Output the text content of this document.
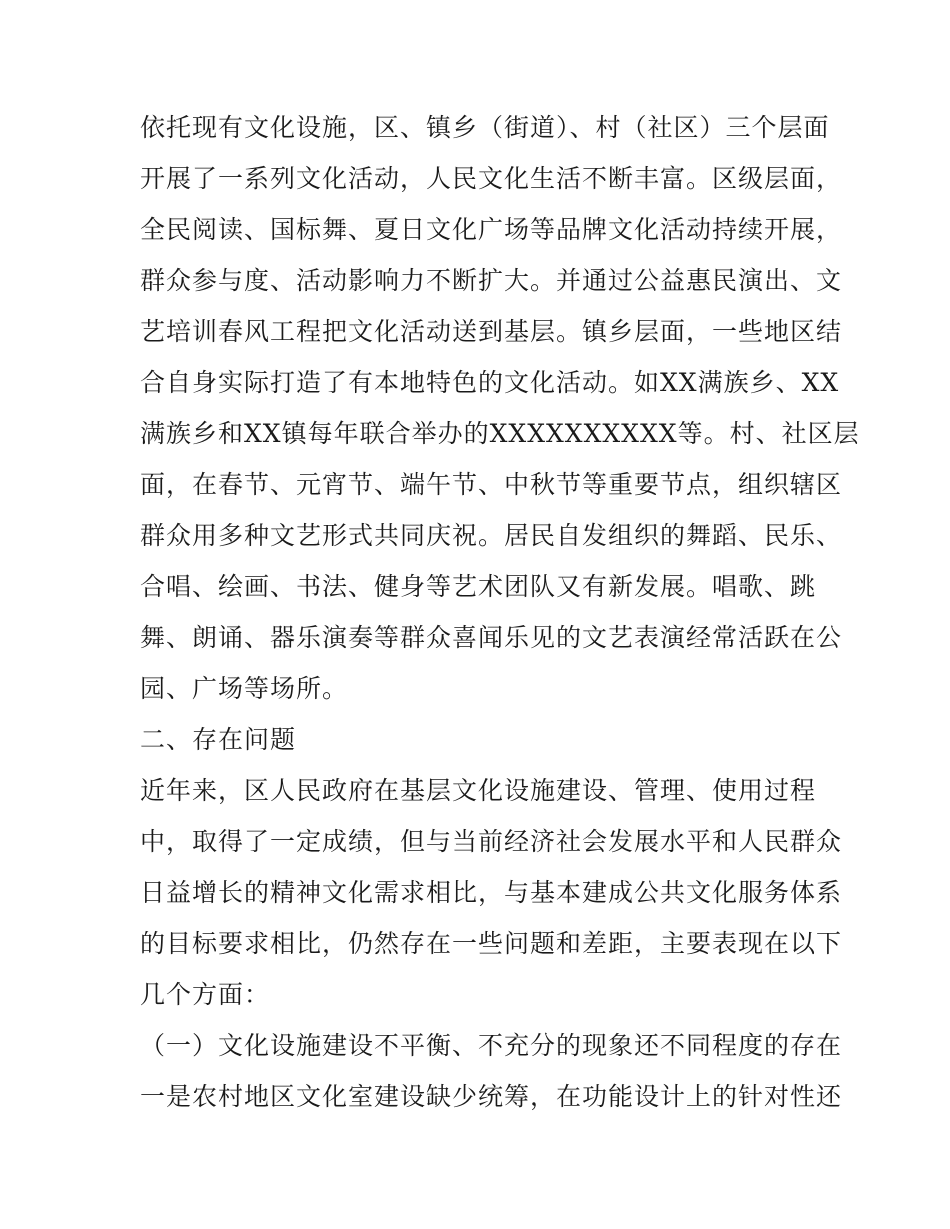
依托现有文化设施，区、镇乡（街道）、村（社区）三个层面
开展了一系列文化活动，人民文化生活不断丰富。区级层面，
全民阅读、国标舞、夏日文化广场等品牌文化活动持续开展，
群众参与度、活动影响力不断扩大。并通过公益惠民演出、文
艺培训春风工程把文化活动送到基层。镇乡层面，一些地区结
合自身实际打造了有本地特色的文化活动。如XX满族乡、XX
满族乡和XX镇每年联合举办的XXXXXXXXXX等。村、社区层
面，在春节、元宵节、端午节、中秋节等重要节点，组织辖区
群众用多种文艺形式共同庆祝。居民自发组织的舞蹈、民乐、
合唱、绘画、书法、健身等艺术团队又有新发展。唱歌、跳
舞、朗诵、器乐演奏等群众喜闻乐见的文艺表演经常活跃在公
园、广场等场所。
二、存在问题
近年来，区人民政府在基层文化设施建设、管理、使用过程
中，取得了一定成绩，但与当前经济社会发展水平和人民群众
日益增长的精神文化需求相比，与基本建成公共文化服务体系
的目标要求相比，仍然存在一些问题和差距，主要表现在以下
几个方面：
（一）文化设施建设不平衡、不充分的现象还不同程度的存在
一是农村地区文化室建设缺少统筹，在功能设计上的针对性还
